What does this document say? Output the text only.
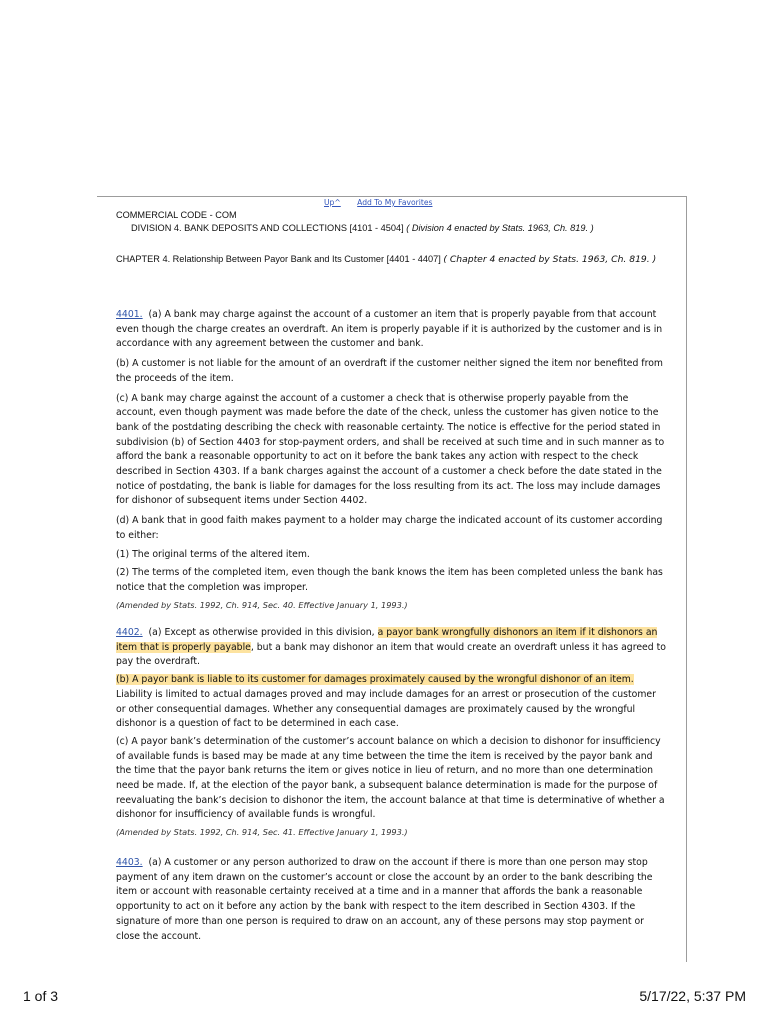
Up^ Add To My Favorites
COMMERCIAL CODE - COM
DIVISION 4. BANK DEPOSITS AND COLLECTIONS [4101 - 4504] ( Division 4 enacted by Stats. 1963, Ch. 819. )
CHAPTER 4. Relationship Between Payor Bank and Its Customer [4401 - 4407] ( Chapter 4 enacted by Stats. 1963, Ch. 819. )

4401. (a) A bank may charge against the account of a customer an item that is properly payable from that account even though the charge creates an overdraft. An item is properly payable if it is authorized by the customer and is in accordance with any agreement between the customer and bank.

(b) A customer is not liable for the amount of an overdraft if the customer neither signed the item nor benefited from the proceeds of the item.

(c) A bank may charge against the account of a customer a check that is otherwise properly payable from the account, even though payment was made before the date of the check, unless the customer has given notice to the bank of the postdating describing the check with reasonable certainty. The notice is effective for the period stated in subdivision (b) of Section 4403 for stop-payment orders, and shall be received at such time and in such manner as to afford the bank a reasonable opportunity to act on it before the bank takes any action with respect to the check described in Section 4303. If a bank charges against the account of a customer a check before the date stated in the notice of postdating, the bank is liable for damages for the loss resulting from its act. The loss may include damages for dishonor of subsequent items under Section 4402.

(d) A bank that in good faith makes payment to a holder may charge the indicated account of its customer according to either:

(1) The original terms of the altered item.

(2) The terms of the completed item, even though the bank knows the item has been completed unless the bank has notice that the completion was improper.

(Amended by Stats. 1992, Ch. 914, Sec. 40. Effective January 1, 1993.)

4402. (a) Except as otherwise provided in this division, a payor bank wrongfully dishonors an item if it dishonors an item that is properly payable, but a bank may dishonor an item that would create an overdraft unless it has agreed to pay the overdraft.

(b) A payor bank is liable to its customer for damages proximately caused by the wrongful dishonor of an item. Liability is limited to actual damages proved and may include damages for an arrest or prosecution of the customer or other consequential damages. Whether any consequential damages are proximately caused by the wrongful dishonor is a question of fact to be determined in each case.

(c) A payor bank’s determination of the customer’s account balance on which a decision to dishonor for insufficiency of available funds is based may be made at any time between the time the item is received by the payor bank and the time that the payor bank returns the item or gives notice in lieu of return, and no more than one determination need be made. If, at the election of the payor bank, a subsequent balance determination is made for the purpose of reevaluating the bank’s decision to dishonor the item, the account balance at that time is determinative of whether a dishonor for insufficiency of available funds is wrongful.

(Amended by Stats. 1992, Ch. 914, Sec. 41. Effective January 1, 1993.)

4403. (a) A customer or any person authorized to draw on the account if there is more than one person may stop payment of any item drawn on the customer’s account or close the account by an order to the bank describing the item or account with reasonable certainty received at a time and in a manner that affords the bank a reasonable opportunity to act on it before any action by the bank with respect to the item described in Section 4303. If the signature of more than one person is required to draw on an account, any of these persons may stop payment or close the account.

1 of 3	5/17/22, 5:37 PM
